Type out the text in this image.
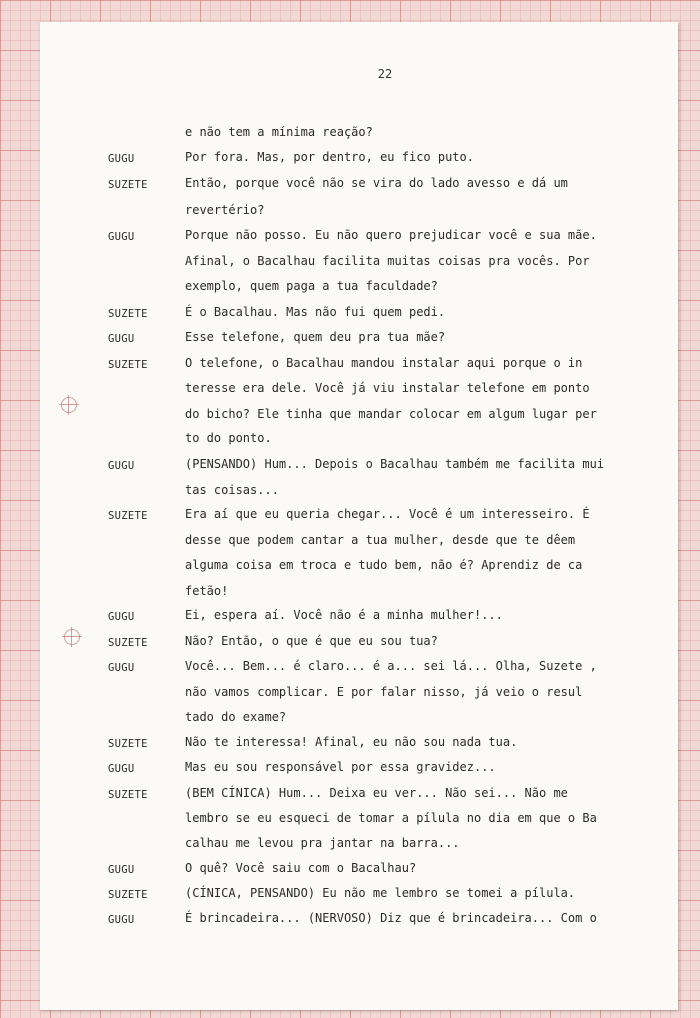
22
e não tem a mínima reação?
GUGU	Por fora. Mas, por dentro, eu fico puto.
SUZETE	Então, porque você não se vira do lado avesso e dá um
revertério?
GUGU	Porque não posso. Eu não quero prejudicar você e sua mãe.
Afinal, o Bacalhau facilita muitas coisas pra vocês. Por
exemplo, quem paga a tua faculdade?
SUZETE	É o Bacalhau. Mas não fui quem pedi.
GUGU	Esse telefone, quem deu pra tua mãe?
SUZETE	O telefone, o Bacalhau mandou instalar aqui porque o in
teresse era dele. Você já viu instalar telefone em ponto
do bicho? Ele tinha que mandar colocar em algum lugar per
to do ponto.
GUGU	(PENSANDO) Hum... Depois o Bacalhau também me facilita mui
tas coisas...
SUZETE	Era aí que eu queria chegar... Você é um interesseiro. É
desse que podem cantar a tua mulher, desde que te dêem
alguma coisa em troca e tudo bem, não é? Aprendiz de ca
fetão!
GUGU	Ei, espera aí. Você não é a minha mulher!...
SUZETE	Não? Então, o que é que eu sou tua?
GUGU	Você... Bem... é claro... é a... sei lá... Olha, Suzete ,
não vamos complicar. E por falar nisso, já veio o resul
tado do exame?
SUZETE	Não te interessa! Afinal, eu não sou nada tua.
GUGU	Mas eu sou responsável por essa gravidez...
SUZETE	(BEM CÍNICA) Hum... Deixa eu ver... Não sei... Não me
lembro se eu esqueci de tomar a pílula no dia em que o Ba
calhau me levou pra jantar na barra...
GUGU	O quê? Você saiu com o Bacalhau?
SUZETE	(CÍNICA, PENSANDO) Eu não me lembro se tomei a pílula.
GUGU	É brincadeira... (NERVOSO) Diz que é brincadeira... Com o
